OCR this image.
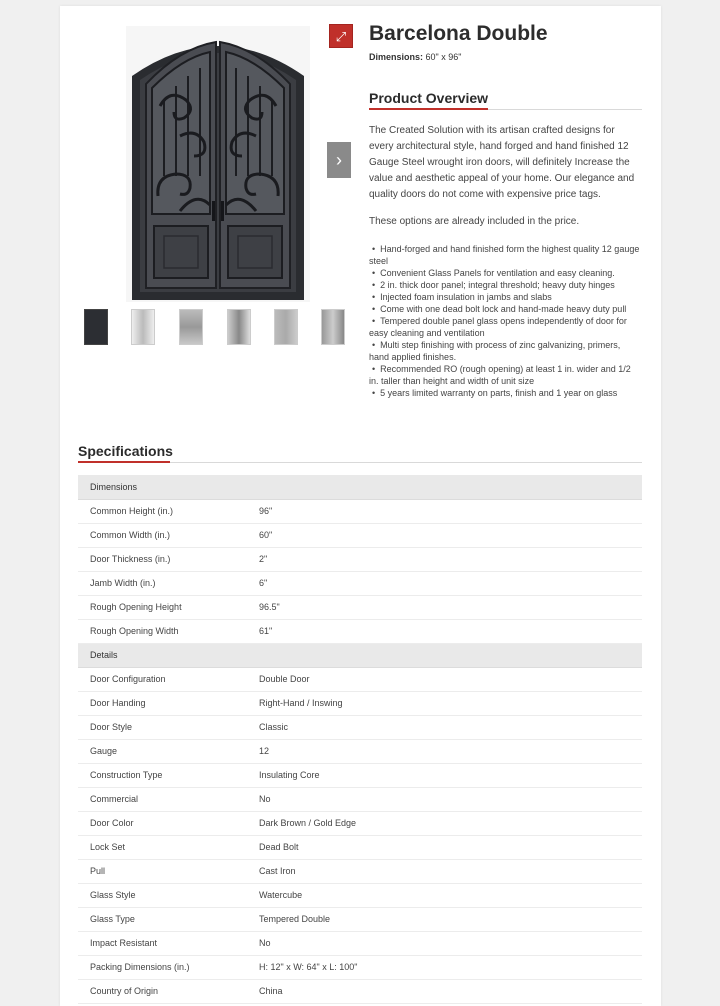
⤢
›
Barcelona Double
Dimensions: 60" x 96"
Product Overview
The Created Solution with its artisan crafted designs for every architectural style, hand forged and hand finished 12 Gauge Steel wrought iron doors, will definitely Increase the value and aesthetic appeal of your home. Our elegance and quality doors do not come with expensive price tags.
These options are already included in the price.
• Hand-forged and hand finished form the highest quality 12 gauge steel
• Convenient Glass Panels for ventilation and easy cleaning.
• 2 in. thick door panel; integral threshold; heavy duty hinges
• Injected foam insulation in jambs and slabs
• Come with one dead bolt lock and hand-made heavy duty pull
• Tempered double panel glass opens independently of door for easy cleaning and ventilation
• Multi step finishing with process of zinc galvanizing, primers, hand applied finishes.
• Recommended RO (rough opening) at least 1 in. wider and 1/2 in. taller than height and width of unit size
• 5 years limited warranty on parts, finish and 1 year on glass
Specifications
Dimensions	
Common Height (in.)	96"
Common Width (in.)	60"
Door Thickness (in.)	2"
Jamb Width (in.)	6"
Rough Opening Height	96.5"
Rough Opening Width	61"
Details	
Door Configuration	Double Door
Door Handing	Right-Hand / Inswing
Door Style	Classic
Gauge	12
Construction Type	Insulating Core
Commercial	No
Door Color	Dark Brown / Gold Edge
Lock Set	Dead Bolt
Pull	Cast Iron
Glass Style	Watercube
Glass Type	Tempered Double
Impact Resistant	No
Packing Dimensions (in.)	H: 12" x W: 64" x L: 100"
Country of Origin	China
